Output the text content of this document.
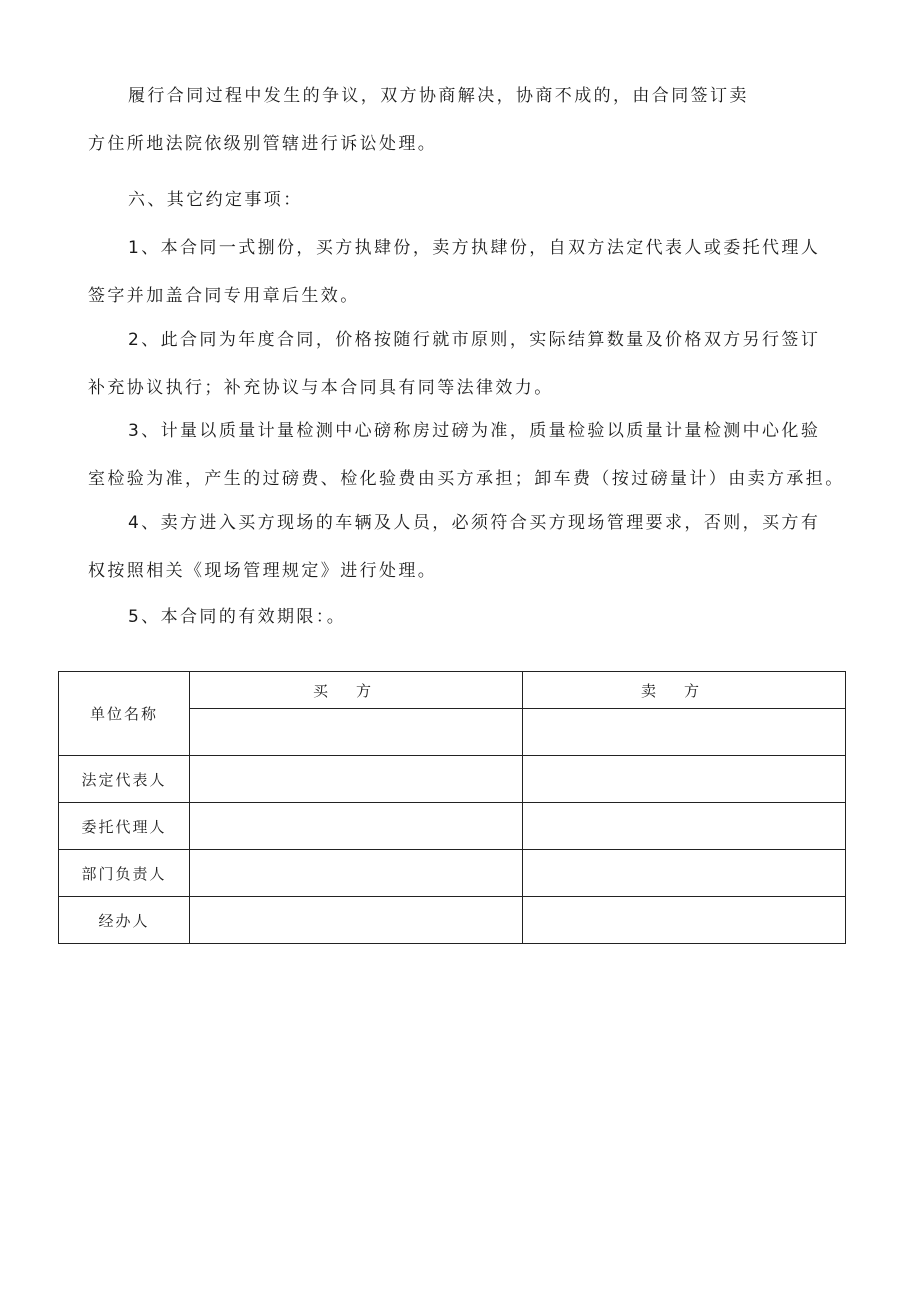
履行合同过程中发生的争议，双方协商解决，协商不成的，由合同签订卖
方住所地法院依级别管辖进行诉讼处理。

六、其它约定事项：

1、本合同一式捌份，买方执肆份，卖方执肆份，自双方法定代表人或委托代理人
签字并加盖合同专用章后生效。

2、此合同为年度合同，价格按随行就市原则，实际结算数量及价格双方另行签订
补充协议执行；补充协议与本合同具有同等法律效力。

3、计量以质量计量检测中心磅称房过磅为准，质量检验以质量计量检测中心化验
室检验为准，产生的过磅费、检化验费由买方承担；卸车费（按过磅量计）由卖方承担。

4、卖方进入买方现场的车辆及人员，必须符合买方现场管理要求，否则，买方有
权按照相关《现场管理规定》进行处理。

5、本合同的有效期限：。

单位名称	买方	卖方

法定代表人		
委托代理人		
部门负责人		
经办人		
